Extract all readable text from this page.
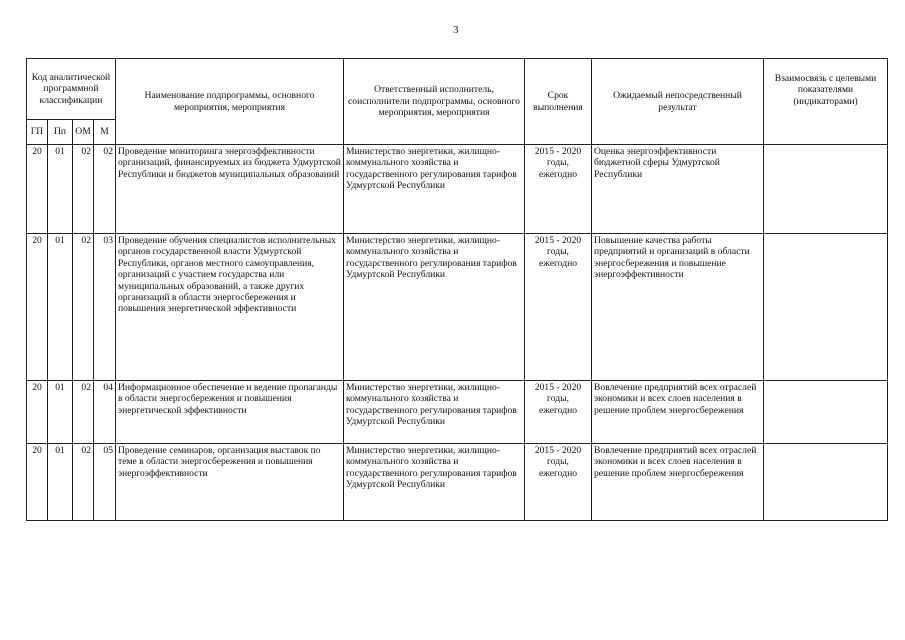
3
Код аналитической программной классификации				Наименование подпрограммы, основного мероприятия, мероприятия	Ответственный исполнитель, соисполнители подпрограммы, основного мероприятия, мероприятия	Срок выполнения	Ожидаемый непосредственный результат	Взаимосвязь с целевыми показателями (индикаторами)
ГП	Пп	ОМ	М					
20	01	02	02	Проведение мониторинга энергоэффективности организаций, финансируемых из бюджета Удмуртской Республики и бюджетов муниципальных образований	Министерство энергетики, жилищно-коммунального хозяйства и государственного регулирования тарифов Удмуртской Республики	2015 - 2020 годы, ежегодно	Оценка энергоэффективности бюджетной сферы Удмуртской Республики	
20	01	02	03	Проведение обучения специалистов исполнительных органов государственной власти Удмуртской Республики, органов местного самоуправления, организаций с участием государства или муниципальных образований, а также других организаций в области энергосбережения и повышения энергетической эффективности	Министерство энергетики, жилищно-коммунального хозяйства и государственного регулирования тарифов Удмуртской Республики	2015 - 2020 годы, ежегодно	Повышение качества работы предприятий и организаций в области энергосбережения и повышение энергоэффективности	
20	01	02	04	Информационное обеспечение и ведение пропаганды в области энергосбережения и повышения энергетической эффективности	Министерство энергетики, жилищно-коммунального хозяйства и государственного регулирования тарифов Удмуртской Республики	2015 - 2020 годы, ежегодно	Вовлечение предприятий всех отраслей экономики и всех слоев населения в решение проблем энергосбережения	
20	01	02	05	Проведение семинаров, организация выставок по теме в области энергосбережения и повышения энергоэффективности	Министерство энергетики, жилищно-коммунального хозяйства и государственного регулирования тарифов Удмуртской Республики	2015 - 2020 годы, ежегодно	Вовлечение предприятий всех отраслей экономики и всех слоев населения в решение проблем энергосбережения	
